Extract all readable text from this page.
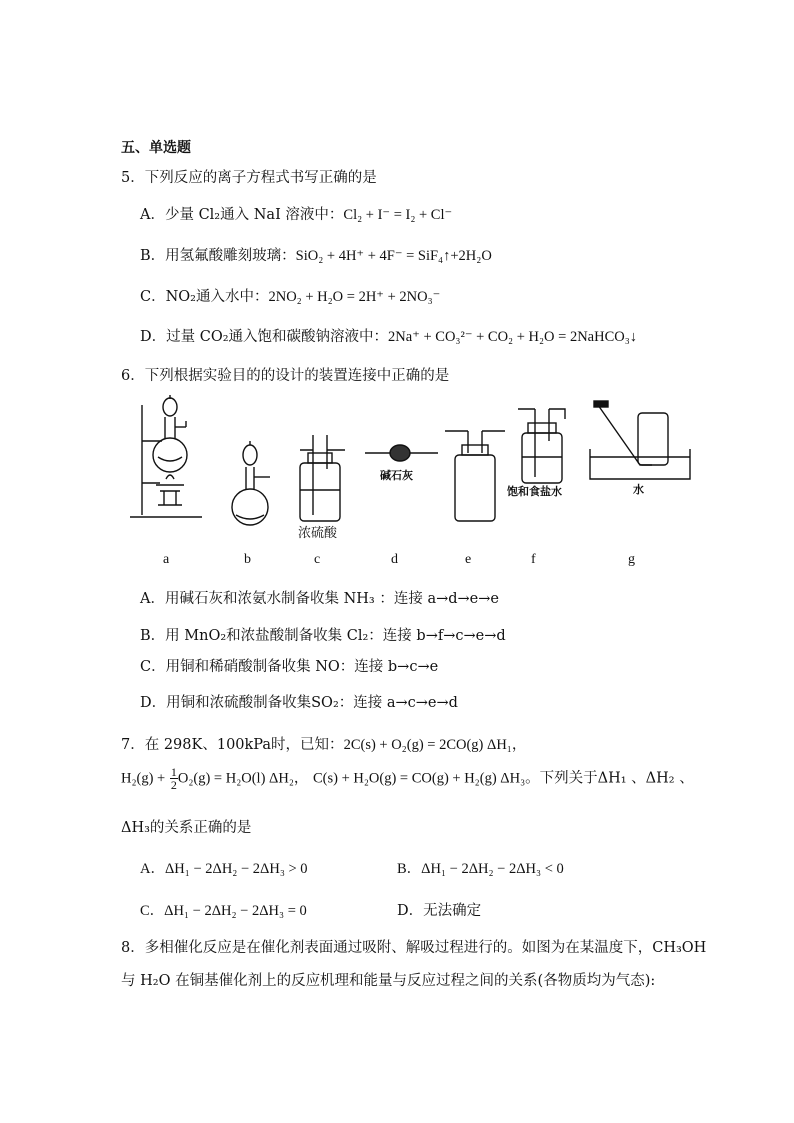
五、单选题
5．下列反应的离子方程式书写正确的是
A．少量 Cl₂通入 NaI 溶液中：Cl₂ + I⁻ = I₂ + Cl⁻
B．用氢氟酸雕刻玻璃：SiO₂ + 4H⁺ + 4F⁻ = SiF₄↑+2H₂O
C．NO₂通入水中：2NO₂ + H₂O = 2H⁺ + 2NO₃⁻
D．过量 CO₂通入饱和碳酸钠溶液中：2Na⁺ + CO₃²⁻ + CO₂ + H₂O = 2NaHCO₃↓
6．下列根据实验目的的设计的装置连接中正确的是
浓硫酸
碱石灰
饱和食盐水	水
a	b	c	d	e	f	g
A．用碱石灰和浓氨水制备收集 NH₃ ：连接 a→d→e→e
B．用 MnO₂和浓盐酸制备收集 Cl₂：连接 b→f→c→e→d
C．用铜和稀硝酸制备收集 NO：连接 b→c→e
D．用铜和浓硫酸制备收集SO₂：连接 a→c→e→d
7．在 298K、100kPa时，已知：2C(s) + O₂(g) = 2CO(g) ΔH₁，
$H_2(g) + \frac{1}{2} O_2(g) = H_2O(l)$ ΔH₂， C(s) + H₂O(g) = CO(g) + H₂(g) ΔH₃。下列关于ΔH₁ 、ΔH₂ 、
ΔH₃的关系正确的是
A．ΔH₁ − 2ΔH₂ − 2ΔH₃ > 0	B．ΔH₁ − 2ΔH₂ − 2ΔH₃ < 0
C．ΔH₁ − 2ΔH₂ − 2ΔH₃ = 0	D．无法确定
8．多相催化反应是在催化剂表面通过吸附、解吸过程进行的。如图为在某温度下，CH₃OH
与 H₂O 在铜基催化剂上的反应机理和能量与反应过程之间的关系(各物质均为气态):
